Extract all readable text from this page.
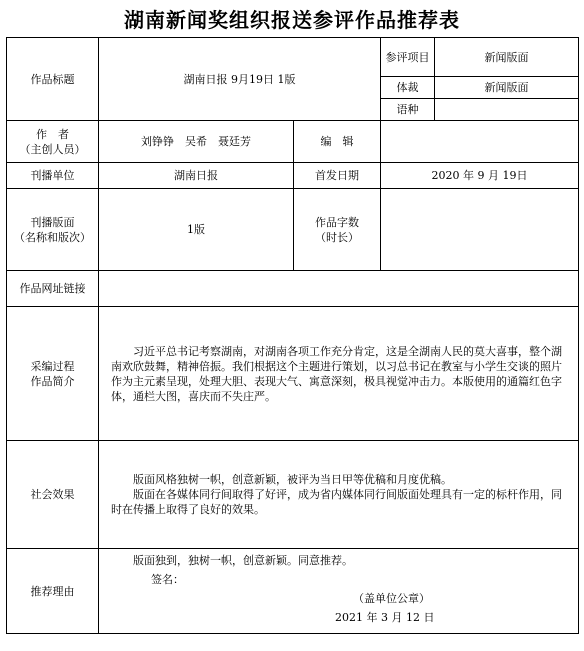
湖南新闻奖组织报送参评作品推荐表
作品标题	湖南日报 9月19日 1版		参评项目	新闻版面
			体裁	新闻版面
			语种	

作　者
（主创人员）	刘铮铮　吴希　聂廷芳	编　辑		
刊播单位	湖南日报	首发日期	2020 年 9 月 19日	

刊播版面
（名称和版次）	1版	作品字数
（时长）		

作品网址链接				

采编过程
作品简介	习近平总书记考察湖南，对湖南各项工作充分肯定，这是全湖南人民的莫大喜事，整个湖南欢欣鼓舞，精神倍振。我们根据这个主题进行策划，以习总书记在教室与小学生交谈的照片作为主元素呈现，处理大胆、表现大气、寓意深刻，极具视觉冲击力。本版使用的通篇红色字体，通栏大图，喜庆而不失庄严。			

社会效果	版面风格独树一帜，创意新颖，被评为当日甲等优稿和月度优稿。

版面在各媒体同行间取得了好评，成为省内媒体同行间版面处理具有一定的标杆作用，同时在传播上取得了良好的效果。			

推荐理由	版面独到，独树一帜，创意新颖。同意推荐。

签名：
（盖单位公章）
2021 年 3 月 12 日			
